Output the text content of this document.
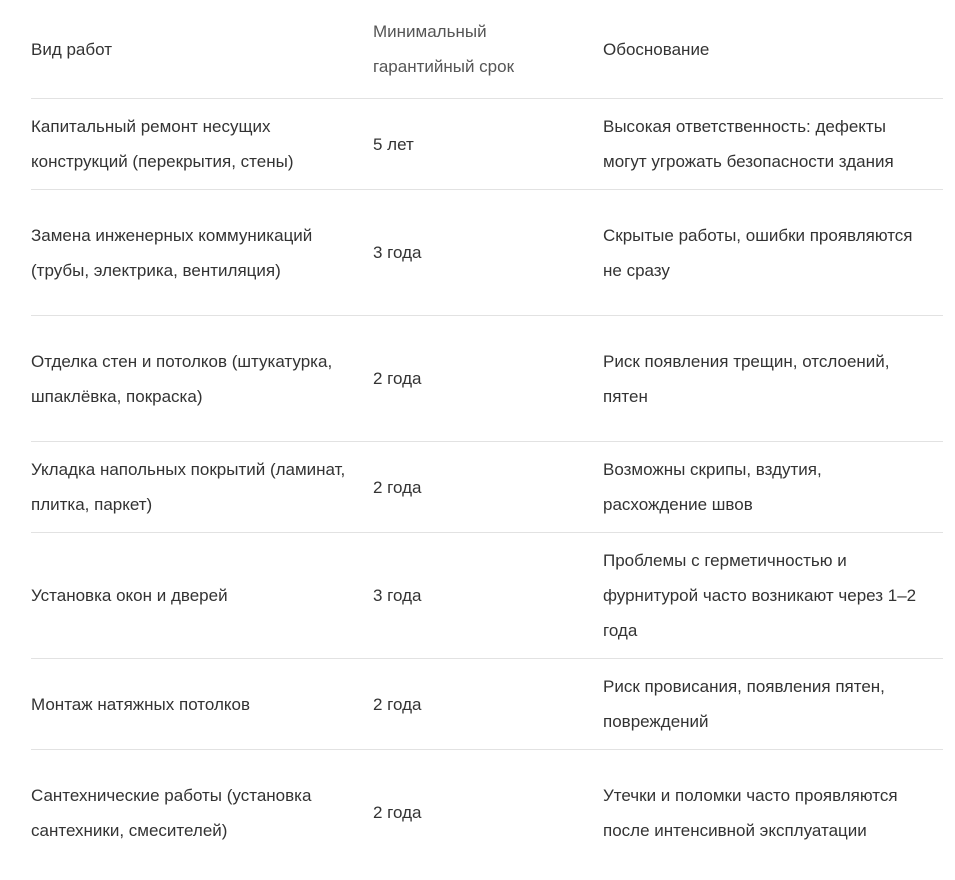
Вид работ	Минимальный гарантийный срок	Обоснование

Капитальный ремонт несущих конструкций (перекрытия, стены)	5 лет	Высокая ответственность: дефекты могут угрожать безопасности здания

Замена инженерных коммуникаций (трубы, электрика, вентиляция)	3 года	Скрытые работы, ошибки проявляются не сразу

Отделка стен и потолков (штукатурка, шпаклёвка, покраска)	2 года	Риск появления трещин, отслоений, пятен

Укладка напольных покрытий (ламинат, плитка, паркет)	2 года	Возможны скрипы, вздутия, расхождение швов

Установка окон и дверей	3 года	Проблемы с герметичностью и фурнитурой часто возникают через 1–2 года

Монтаж натяжных потолков	2 года	Риск провисания, появления пятен, повреждений

Сантехнические работы (установка сантехники, смесителей)	2 года	Утечки и поломки часто проявляются после интенсивной эксплуатации
